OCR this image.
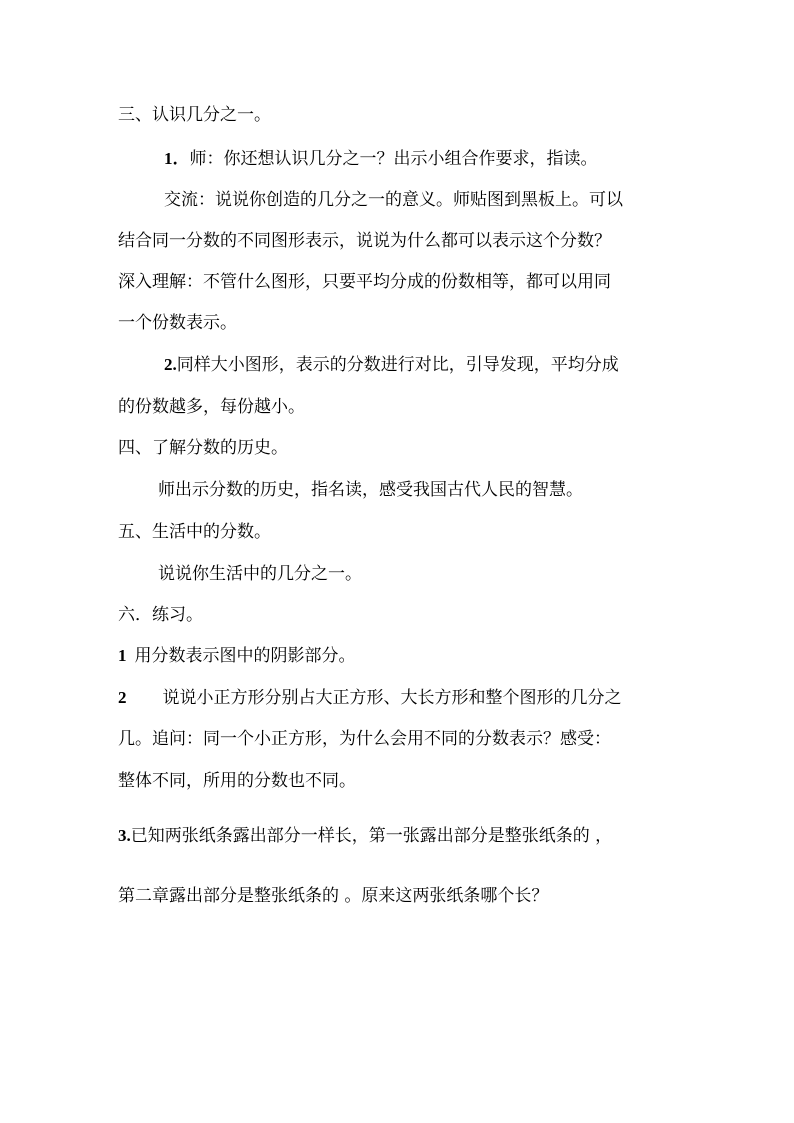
三、认识几分之一。
1．师：你还想认识几分之一？出示小组合作要求，指读。
交流：说说你创造的几分之一的意义。师贴图到黑板上。可以
结合同一分数的不同图形表示，说说为什么都可以表示这个分数？
深入理解：不管什么图形，只要平均分成的份数相等，都可以用同
一个份数表示。
2.同样大小图形，表示的分数进行对比，引导发现，平均分成
的份数越多，每份越小。
四、了解分数的历史。
师出示分数的历史，指名读，感受我国古代人民的智慧。
五、生活中的分数。
说说你生活中的几分之一。
六．练习。
1 用分数表示图中的阴影部分。
2 说说小正方形分别占大正方形、大长方形和整个图形的几分之
几。追问：同一个小正方形，为什么会用不同的分数表示？感受：
整体不同，所用的分数也不同。
3.已知两张纸条露出部分一样长，第一张露出部分是整张纸条的 ，
第二章露出部分是整张纸条的 。原来这两张纸条哪个长？
